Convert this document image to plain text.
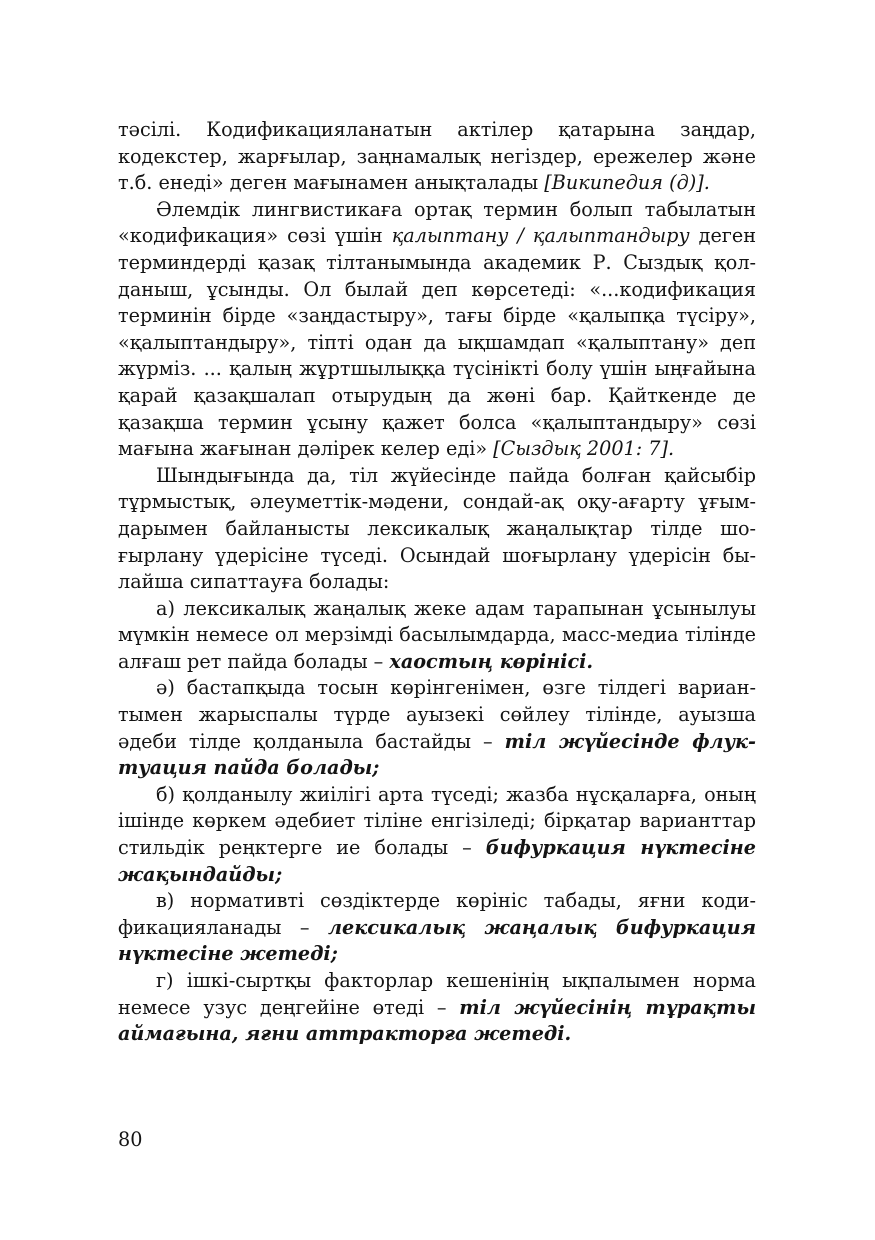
тәсілі. Кодификацияланатын актілер қатарына заңдар, кодекстер, жарғылар, заңнамалық негіздер, ережелер және т.б. енеді» деген мағынамен анықталады [Википедия (д)].

Әлемдік лингвистикаға ортақ термин болып табылатын «кодификация» сөзі үшін қалыптану / қалыптандыру деген терминдерді қазақ тілтанымында академик Р. Сыздық қолданыш, ұсынды. Ол былай деп көрсетеді: «...кодификация терминін бірде «заңдастыру», тағы бірде «қалыпқа түсіру», «қалыптандыру», тіпті одан да ықшамдап «қалыптану» деп жүрміз. ... қалың жұртшылыққа түсінікті болу үшін ыңғайына қарай қазақшалап отырудың да жөні бар. Қайткенде де қазақша термин ұсыну қажет болса «қалыптандыру» сөзі мағына жағынан дәлірек келер еді» [Сыздық 2001: 7].

Шындығында да, тіл жүйесінде пайда болған қайсыбір тұрмыстық, әлеуметтік-мәдени, сондай-ақ оқу-ағарту ұғымдарымен байланысты лексикалық жаңалықтар тілде шоғырлану үдерісіне түседі. Осындай шоғырлану үдерісін былайша сипаттауға болады:

а) лексикалық жаңалық жеке адам тарапынан ұсынылуы мүмкін немесе ол мерзімді басылымдарда, масс-медиа тілінде алғаш рет пайда болады – хаостың көрінісі.

ә) бастапқыда тосын көрінгенімен, өзге тілдегі вариантымен жарыспалы түрде ауызекі сөйлеу тілінде, ауызша әдеби тілде қолданыла бастайды – тіл жүйесінде флуктуация пайда болады;

б) қолданылу жиілігі арта түседі; жазба нұсқаларға, оның ішінде көркем әдебиет тіліне енгізіледі; бірқатар варианттар стильдік реңктерге ие болады – бифуркация нүктесіне жақындайды;

в) нормативті сөздіктерде көрініс табады, яғни кодификацияланады – лексикалық жаңалық бифуркация нүктесіне жетеді;

г) ішкі-сыртқы факторлар кешенінің ықпалымен норма немесе узус деңгейіне өтеді – тіл жүйесінің тұрақты аймағына, яғни аттракторға жетеді.

80
